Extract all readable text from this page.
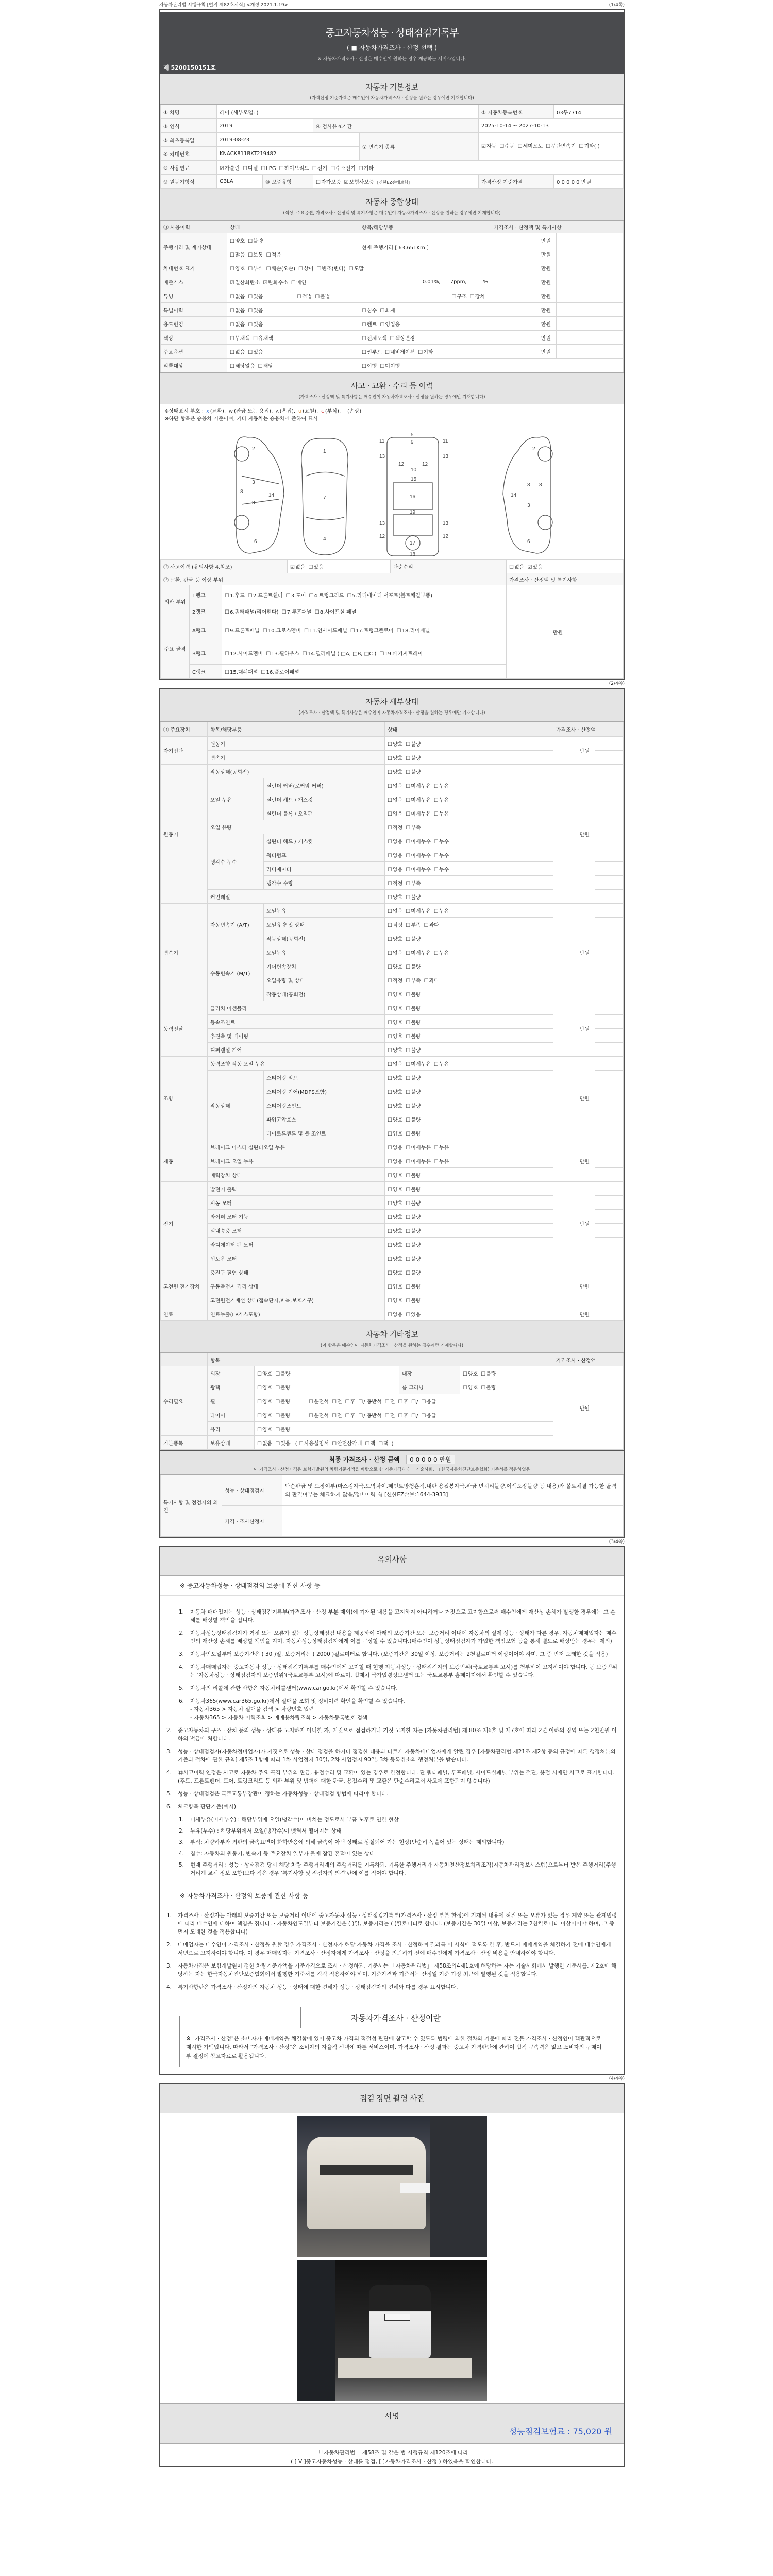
자동차관리법 시행규칙 [별지 제82호서식] <개정 2021.1.19>	(1/4쪽)
중고자동차성능 · 상태점검기록부
( ■ 자동차가격조사 · 산정 선택 )
※ 자동차가격조사 · 산정은 매수인이 원하는 경우 제공하는 서비스입니다.
제 5200150151호
자동차 기본정보
(가격산정 기준가격은 매수인이 자동차가격조사 · 산정을 원하는 경우에만 기재합니다)
① 차명	레이 (세부모델: )				② 자동차등록번호	03두7714
③ 연식	2019		④ 검사유효기간		2025-10-14 ~ 2027-10-13	
⑤ 최초등록일	2019-08-23			⑦ 변속기 종류	☑ 자동 ☐ 수동 ☐ 세미오토 ☐ 무단변속기 ☐ 기타( )
⑥ 차대번호	KNACK811BKT219482					
⑧ 사용연료	☑ 가솔린 ☐ 디젤 ☐ LPG ☐ 하이브리드 ☐ 전기 ☐ 수소전기 ☐ 기타
⑨ 원동기형식	G3LA	⑩ 보증유형	☐ 자가보증 ☑ 보험사보증 [신한EZ손해보험]		가격산정 기준가격	0 0 0 0 0 만원
자동차 종합상태
(색상, 주요옵션, 가격조사 · 산정액 및 특기사항은 매수인이 자동차가격조사 · 산정을 원하는 경우에만 기재합니다)
⑪ 사용이력	상태		항목/해당부품		가격조사 · 산정액 및 특기사항	
주행거리 및 계기상태	☐ 양호 ☐ 불량		현재 주행거리 [ 63,651Km ]		만원	
	☐ 많음 ☐ 보통 ☐ 적음				만원	
차대번호 표기	☐ 양호 ☐ 부식 ☐ 훼손(오손) ☐ 상이 ☐ 변조(변타) ☐ 도말				만원	
배출가스	☑ 일산화탄소 ☑ 탄화수소 ☐ 매연		0.01%,      7ppm,          %		만원	
튜닝	☐ 없음 ☐ 있음	☐ 적법 ☐ 불법		☐ 구조 ☐ 장치	만원	
특별이력	☐ 없음 ☐ 있음		☐ 침수 ☐ 화재		만원	
용도변경	☐ 없음 ☐ 있음		☐ 렌트 ☐ 영업용		만원	
색상	☐ 무채색 ☐ 유채색		☐ 전체도색 ☐ 색상변경		만원	
주요옵션	☐ 없음 ☐ 있음		☐ 썬루프 ☐ 네비게이션 ☐ 기타		만원	
리콜대상	☐ 해당없음 ☐ 해당		☐ 이행 ☐ 미이행
사고 · 교환 · 수리 등 이력
(가격조사 · 산정액 및 특기사항은 매수인이 자동차가격조사 · 산정을 원하는 경우에만 기재합니다)
※상태표시 부호 : X (교환), W (판금 또는 용접), A (흠집), U (요철), C (부식), T (손상)
※하단 항목은 승용차 기준이며, 기타 자동차는 승용차에 준하여 표시
2
3
3
8
14
6
1
7
4
5
9
10
15
16
17
18
19
11	11
13	13
12	12
13	13
12	12
2
3
3
8
14
6
⑫ 사고이력 (유의사항 4.참조)			☑ 없음 ☐ 있음	단순수리	☐ 없음 ☑ 있음
⑬ 교환, 판금 등 이상 부위					가격조사 · 산정액 및 특기사항	
외판 부위	1랭크	☐ 1.후드 ☐ 2.프론트휀더 ☐ 3.도어 ☐ 4.트렁크리드 ☐ 5.라디에이터 서포트(볼트체결부품)			만원	
	2랭크	☐ 6.쿼터패널(리어휀다) ☐ 7.루프패널 ☐ 8.사이드실 패널
주요 골격	A랭크	☐ 9.프론트패널 ☐ 10.크로스멤버 ☐ 11.인사이드패널 ☐ 17.트렁크플로어 ☐ 18.리어패널
	B랭크	☐ 12.사이드멤버 ☐ 13.휠하우스 ☐ 14.필러패널 ( □A, □B, □C ) ☐ 19.패키지트레이
	C랭크	☐ 15.대쉬패널 ☐ 16.플로어패널
(2/4쪽)
자동차 세부상태
(가격조사 · 산정액 및 특기사항은 매수인이 자동차가격조사 · 산정을 원하는 경우에만 기재합니다)
⑭ 주요장치	항목/해당부품		상태	가격조사 · 산정액	
자기진단	원동기		☐ 양호 ☐ 불량	만원	
	변속기		☐ 양호 ☐ 불량	
원동기	작동상태(공회전)		☐ 양호 ☐ 불량	만원	
	오일 누유	실린더 커버(로커암 커버)	☐ 없음 ☐ 미세누유 ☐ 누유	
		실린더 헤드 / 개스킷	☐ 없음 ☐ 미세누유 ☐ 누유	
		실린더 블록 / 오일팬	☐ 없음 ☐ 미세누유 ☐ 누유	
	오일 유량		☐ 적정 ☐ 부족	
	냉각수 누수	실린더 헤드 / 개스킷	☐ 없음 ☐ 미세누수 ☐ 누수	
		워터펌프	☐ 없음 ☐ 미세누수 ☐ 누수	
		라디에이터	☐ 없음 ☐ 미세누수 ☐ 누수	
		냉각수 수량	☐ 적정 ☐ 부족	
	커먼레일		☐ 양호 ☐ 불량	
변속기	자동변속기 (A/T)	오일누유	☐ 없음 ☐ 미세누유 ☐ 누유	만원	
		오일유량 및 상태	☐ 적정 ☐ 부족 ☐ 과다	
		작동상태(공회전)	☐ 양호 ☐ 불량	
	수동변속기 (M/T)	오일누유	☐ 없음 ☐ 미세누유 ☐ 누유	
		기어변속장치	☐ 양호 ☐ 불량	
		오일유량 및 상태	☐ 적정 ☐ 부족 ☐ 과다	
		작동상태(공회전)	☐ 양호 ☐ 불량	
동력전달	클러치 어셈블리		☐ 양호 ☐ 불량	만원	
	등속조인트		☐ 양호 ☐ 불량	
	추진축 및 베어링		☐ 양호 ☐ 불량	
	디퍼렌셜 기어		☐ 양호 ☐ 불량	
조향	동력조향 작동 오일 누유		☐ 없음 ☐ 미세누유 ☐ 누유	만원	
	작동상태	스티어링 펌프	☐ 양호 ☐ 불량	
		스티어링 기어(MDPS포함)	☐ 양호 ☐ 불량	
		스티어링조인트	☐ 양호 ☐ 불량	
		파워고압호스	☐ 양호 ☐ 불량	
		타이로드엔드 및 볼 조인트	☐ 양호 ☐ 불량	
제동	브레이크 마스터 실린더오일 누유		☐ 없음 ☐ 미세누유 ☐ 누유	만원	
	브레이크 오일 누유		☐ 없음 ☐ 미세누유 ☐ 누유	
	배력장치 상태		☐ 양호 ☐ 불량	
전기	발전기 출력		☐ 양호 ☐ 불량	만원	
	시동 모터		☐ 양호 ☐ 불량	
	와이퍼 모터 기능		☐ 양호 ☐ 불량	
	실내송풍 모터		☐ 양호 ☐ 불량	
	라디에이터 팬 모터		☐ 양호 ☐ 불량	
	윈도우 모터		☐ 양호 ☐ 불량	
고전원 전기장치	충전구 절연 상태		☐ 양호 ☐ 불량	만원	
	구동축전지 격리 상태		☐ 양호 ☐ 불량	
	고전원전기배선 상태(접속단자,피복,보호기구)		☐ 양호 ☐ 불량	
연료	연료누출(LP가스포함)		☐ 없음 ☐ 있음	만원	
자동차 기타정보
(이 항목은 매수인이 자동차가격조사 · 산정을 원하는 경우에만 기재합니다)
	항목					가격조사 · 산정액	
수리필요	외장	☐ 양호 ☐ 불량		내장	☐ 양호 ☐ 불량	만원	
	광택	☐ 양호 ☐ 불량		룸 크리닝	☐ 양호 ☐ 불량
	휠	☐ 양호 ☐ 불량	☐ 운전석 ☐ 전 ☐ 후 ☐ / 동반석 ☐ 전 ☐ 후 ☐ / ☐ 응급
	타이어	☐ 양호 ☐ 불량	☐ 운전석 ☐ 전 ☐ 후 ☐ / 동반석 ☐ 전 ☐ 후 ☐ / ☐ 응급
	유리	☐ 양호 ☐ 불량
기본품목	보유상태	☐ 없음 ☐ 있음 ( ☐ 사용설명서 ☐ 안전삼각대 ☐ 잭 ☐ 잭 )
최종 가격조사 · 산정 금액 0 0 0 0 0 만원
이 가격조사 · 산정가격은 보험개발원의 차량기준가액을 바탕으로 한 기준가격과 ( □ 기술사회, □ 한국자동차진단보증협회) 기준서를 적용하였음
특기사항 및 점검자의 의견	성능 · 상태점검자	단순판금 및 도장여부(마스킹자국,도막차이,페인트방청흔적,내판 용접봉자국,판금 면처리불량,이색도장불량 등 내용)와 볼트체결 가능한 골격의 판결여부는 체크하지 않음/정비이력 有 [신한EZ손보:1644-3933]
	가격 · 조사산정자	
(3/4쪽)
유의사항
※ 중고자동차성능 · 상태점검의 보증에 관한 사항 등
1.	자동차 매매업자는 성능 · 상태점검기록부(가격조사 · 산정 부분 제외)에 기재된 내용을 고지하지 아니하거나 거짓으로 고지함으로써 매수인에게 재산상 손해가 발생한 경우에는 그 손해를 배상할 책임을 집니다.
2.	자동차성능상태점검자가 거짓 또는 오류가 있는 성능상태점검 내용을 제공하여 아래의 보증기간 또는 보증거리 이내에 자동차의 실제 성능 · 상태가 다른 경우, 자동차매매업자는 매수인의 재산상 손해를 배상할 책임을 지며, 자동차성능상태점검자에게 이를 구상할 수 있습니다.(매수인이 성능상태점검자가 가입한 책임보험 등을 통해 별도로 배상받는 경우는 제외)
3.	자동차인도일부터 보증기간은 ( 30 )일, 보증거리는 ( 2000 )킬로미터로 합니다. (보증기간은 30일 이상, 보증거리는 2천킬로미터 이상이어야 하며, 그 중 먼저 도래한 것을 적용)
4.	자동차매매업자는 중고자동차 성능 · 상태점검기록부를 매수인에게 고지할 때 현행 자동차성능 · 상태점검자의 보증범위(국토교통부 고시)를 첨부하여 고지하여야 합니다. 동 보증범위는 '자동차성능 · 상태점검자의 보증범위'(국토교통부 고시)에 따르며, 법제처 국가법령정보센터 또는 국토교통부 홈페이지에서 확인할 수 있습니다.
5.	자동차의 리콜에 관한 사항은 자동차리콜센터(www.car.go.kr)에서 확인할 수 있습니다.
6.	자동차365(www.car365.go.kr)에서 실매물 조회 및 정비이력 확인을 확인할 수 있습니다.
- 자동차365 > 자동차 실매물 검색 > 차량번호 입력
- 자동차365 > 자동차 이력조회 > 매매용차량조회 > 자동차등록번호 검색
2.	중고자동차의 구조 · 장치 등의 성능 · 상태를 고지하지 아니한 자, 거짓으로 점검하거나 거짓 고지한 자는 [자동차관리법] 제 80조 제6호 및 제7호에 따라 2년 이하의 징역 또는 2천만원 이하의 벌금에 처합니다.
3.	성능 · 상태점검자(자동차정비업자)가 거짓으로 성능 · 상태 점검을 하거나 점검한 내용과 다르게 자동차매매업자에게 알린 경우 [자동차관리법 제21조 제2항 등의 규정에 따른 행정처분의 기준과 절차에 관한 규칙] 제5조 1항에 따라 1차 사업정지 30일, 2차 사업정지 90일, 3차 등록취소의 행정처분을 받습니다.
4.	⑫사고이력 인정은 사고로 자동차 주요 골격 부위의 판금, 용접수리 및 교환이 있는 경우로 한정합니다. 단 쿼터패널, 루프패널, 사이드실패널 부위는 절단, 용접 시에만 사고로 표기합니다. (후드, 프론트펜더, 도어, 트렁크리드 등 외판 부위 및 범퍼에 대한 판금, 용접수리 및 교환은 단순수리로서 사고에 포함되지 않습니다)
5.	성능 · 상태점검은 국토교통부장관이 정하는 자동차성능 · 상태점검 방법에 따라야 합니다.
6.	체크항목 판단기준(예시)
1.	미세누유(미세누수) : 해당부위에 오일(냉각수)이 비치는 정도로서 부품 노후로 인한 현상
2.	누유(누수) : 해당부위에서 오일(냉각수)이 맺혀서 떨어지는 상태
3.	부식: 차량하부와 외판의 금속표면이 화학반응에 의해 금속이 아닌 상태로 상실되어 가는 현상(단순히 녹슬어 있는 상태는 제외합니다)
4.	침수: 자동차의 원동기, 변속기 등 주요장치 일부가 물에 잠긴 흔적이 있는 상태
5.	현재 주행거리 : 성능 · 상태점검 당시 해당 차량 주행거리계의 주행거리를 기록하되, 기록한 주행거리가 자동차전산정보처리조직(자동차관리정보시스템)으로부터 받은 주행거리(주행거리계 교체 정보 포함)보다 적은 경우 '특기사항 및 점검자의 의견'란에 이를 적어야 합니다.
※ 자동차가격조사 · 산정의 보증에 관한 사항 등
1.	가격조사 · 산정자는 아래의 보증기간 또는 보증거리 이내에 중고자동차 성능 · 상태점검기록부(가격조사 · 산정 부분 한정)에 기재된 내용에 허위 또는 오류가 있는 경우 계약 또는 관계법령에 따라 매수인에 대하여 책임을 집니다. · 자동차인도일부터 보증기간은 ( )일, 보증거리는 ( )킬로미터로 합니다. (보증기간은 30일 이상, 보증거리는 2천킬로미터 이상이어야 하며, 그 중 먼저 도래한 것을 적용합니다)
2.	매매업자는 매수인이 가격조사 · 산정을 원할 경우 가격조사 · 산정자가 해당 자동차 가격을 조사 · 산정하여 결과를 이 서식에 적도록 한 후, 반드시 매매계약을 체결하기 전에 매수인에게 서면으로 고지하여야 합니다. 이 경우 매매업자는 가격조사 · 산정자에게 가격조사 · 산정을 의뢰하기 전에 매수인에게 가격조사 · 산정 비용을 안내하여야 합니다.
3.	자동차가격은 보험개발원이 정한 차량기준가액을 기준가격으로 조사 · 산정하되, 기준서는 「자동차관리법」 제58조의4제1호에 해당하는 자는 기술사회에서 발행한 기준서를, 제2호에 해당하는 자는 한국자동차진단보증협회에서 발행한 기준서를 각각 적용하여야 하며, 기준가격과 기준서는 산정일 기준 가장 최근에 발행된 것을 적용합니다.
4.	특기사항란은 가격조사 · 산정자의 자동차 성능 · 상태에 대한 견해가 성능 · 상태점검자의 견해와 다를 경우 표시합니다.
자동차가격조사 · 산정이란
※ "가격조사 · 산정"은 소비자가 매매계약을 체결함에 있어 중고차 가격의 적절성 판단에 참고할 수 있도록 법령에 의한 절차와 기준에 따라 전문 가격조사 · 산정인이 객관적으로 제시한 가액입니다. 따라서 "가격조사 · 산정"은 소비자의 자율적 선택에 따른 서비스이며, 가격조사 · 산정 결과는 중고차 가격판단에 관하여 법적 구속력은 없고 소비자의 구매여부 결정에 참고자료로 활용됩니다.
(4/4쪽)
점검 장면 촬영 사진
서명
성능점검보험료 : 75,020 원
「「자동차관리법」 제58조 및 같은 법 시행규칙 제120조에 따라
( [ V ]중고자동차성능 · 상태를 점검, [ ]자동차가격조사 · 산정 ) 하였음을 확인합니다.
